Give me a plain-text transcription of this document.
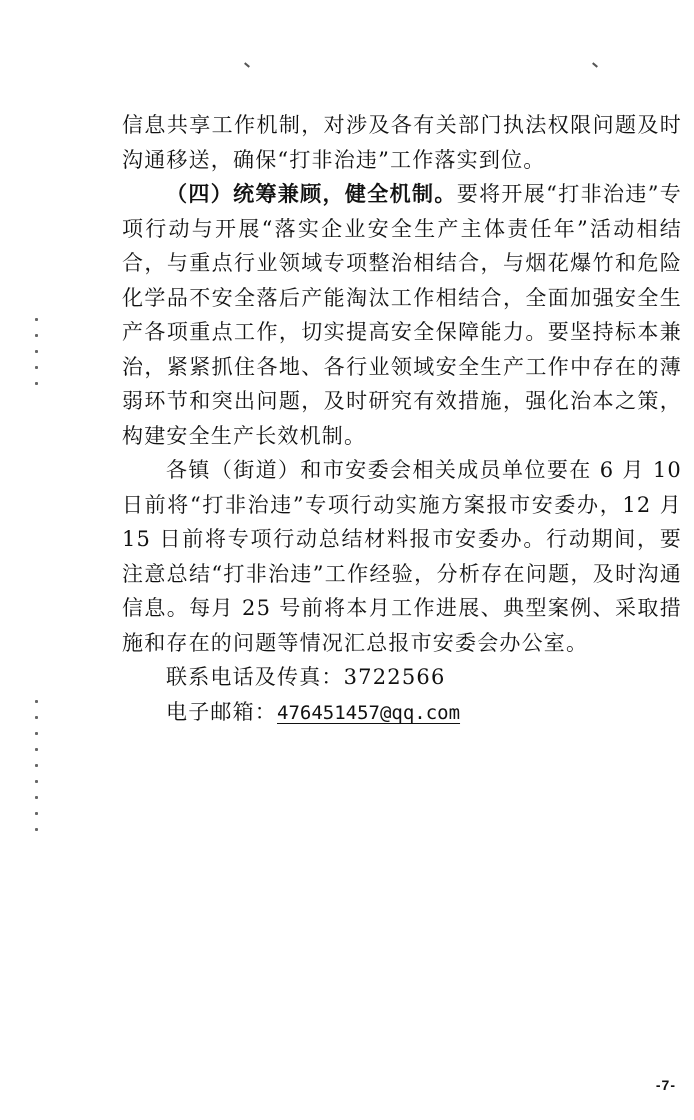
信息共享工作机制，对涉及各有关部门执法权限问题及时沟通移送，确保“打非治违”工作落实到位。

（四）统筹兼顾，健全机制。要将开展“打非治违”专项行动与开展“落实企业安全生产主体责任年”活动相结合，与重点行业领域专项整治相结合，与烟花爆竹和危险化学品不安全落后产能淘汰工作相结合，全面加强安全生产各项重点工作，切实提高安全保障能力。要坚持标本兼治，紧紧抓住各地、各行业领域安全生产工作中存在的薄弱环节和突出问题，及时研究有效措施，强化治本之策，构建安全生产长效机制。

各镇（街道）和市安委会相关成员单位要在 6 月 10 日前将“打非治违”专项行动实施方案报市安委办，12 月 15 日前将专项行动总结材料报市安委办。行动期间，要注意总结“打非治违”工作经验，分析存在问题，及时沟通信息。每月 25 号前将本月工作进展、典型案例、采取措施和存在的问题等情况汇总报市安委会办公室。

联系电话及传真：3722566

电子邮箱：476451457@qq.com

-7-
